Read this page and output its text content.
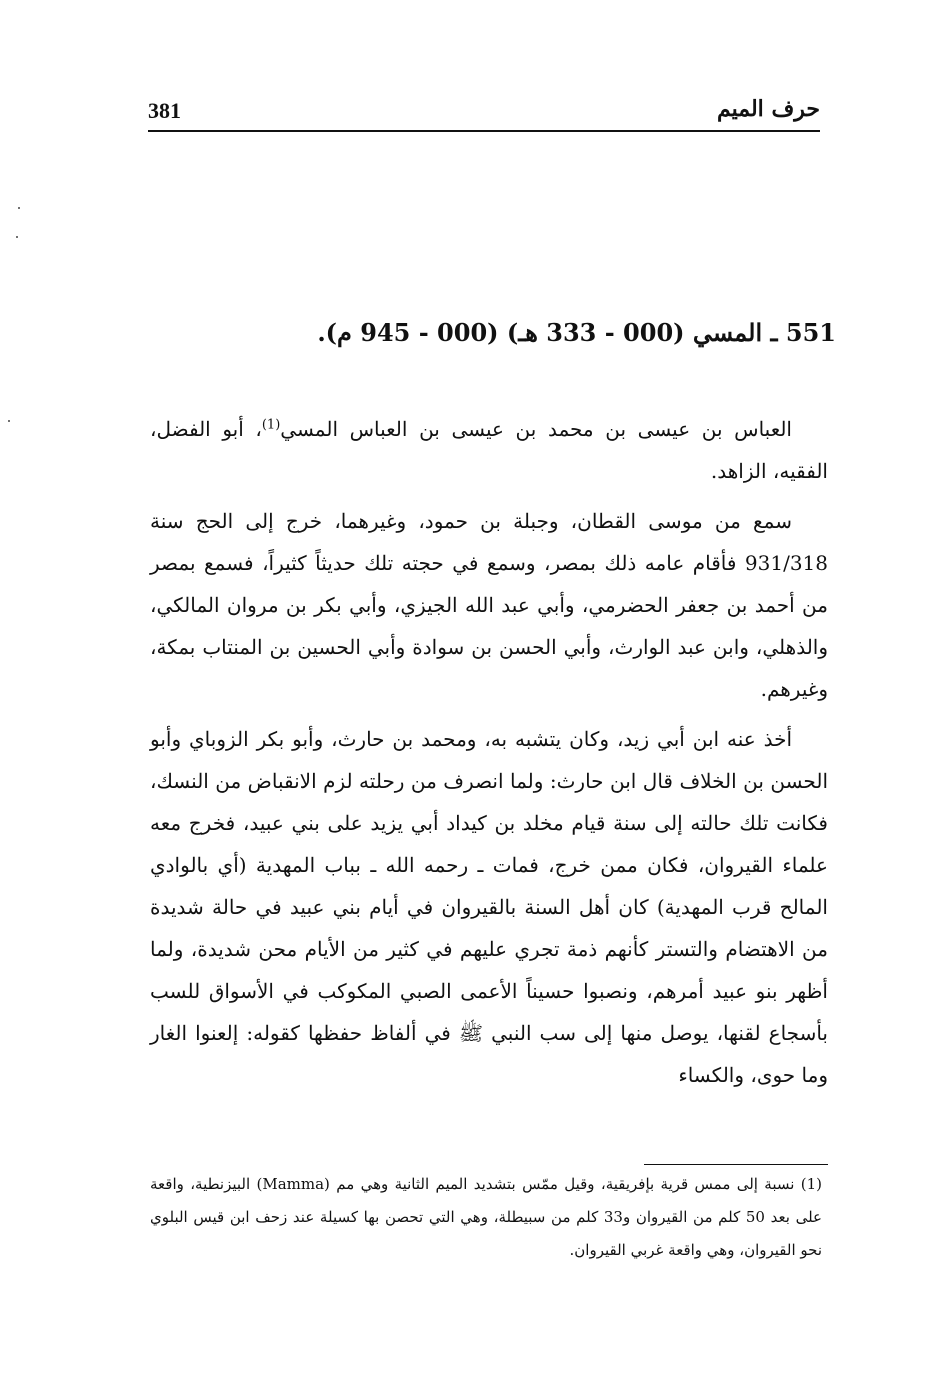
381	حرف الميم
551 ـ المسي (000 - 333 هـ) (000 - 945 م).

العباس بن عيسى بن محمد بن عيسى بن العباس المسي$^{(1)}$، أبو الفضل، الفقيه، الزاهد.

سمع من موسى القطان، وجبلة بن حمود، وغيرهما، خرج إلى الحج سنة 931/318 فأقام عامه ذلك بمصر، وسمع في حجته تلك حديثاً كثيراً، فسمع بمصر من أحمد بن جعفر الحضرمي، وأبي عبد الله الجيزي، وأبي بكر بن مروان المالكي، والذهلي، وابن عبد الوارث، وأبي الحسن بن سوادة وأبي الحسين بن المنتاب بمكة، وغيرهم.

أخذ عنه ابن أبي زيد، وكان يتشبه به، ومحمد بن حارث، وأبو بكر الزوباي وأبو الحسن بن الخلاف قال ابن حارث: ولما انصرف من رحلته لزم الانقباض من النسك، فكانت تلك حالته إلى سنة قيام مخلد بن كيداد أبي يزيد على بني عبيد، فخرج معه علماء القيروان، فكان ممن خرج، فمات ـ رحمه الله ـ بباب المهدية (أي بالوادي المالح قرب المهدية) كان أهل السنة بالقيروان في أيام بني عبيد في حالة شديدة من الاهتضام والتستر كأنهم ذمة تجري عليهم في كثير من الأيام محن شديدة، ولما أظهر بنو عبيد أمرهم، ونصبوا حسيناً الأعمى الصبي المكوكب في الأسواق للسب بأسجاع لقنها، يوصل منها إلى سب النبي ﷺ في ألفاظ حفظها كقوله: إلعنوا الغار وما حوى، والكساء

(1) نسبة إلى ممس قرية بإفريقية، وقيل ممّس بتشديد الميم الثانية وهي مم (Mamma) البيزنطية، واقعة على بعد 50 كلم من القيروان و33 كلم من سبيطلة، وهي التي تحصن بها كسيلة عند زحف ابن قيس البلوي نحو القيروان، وهي واقعة غربي القيروان.
